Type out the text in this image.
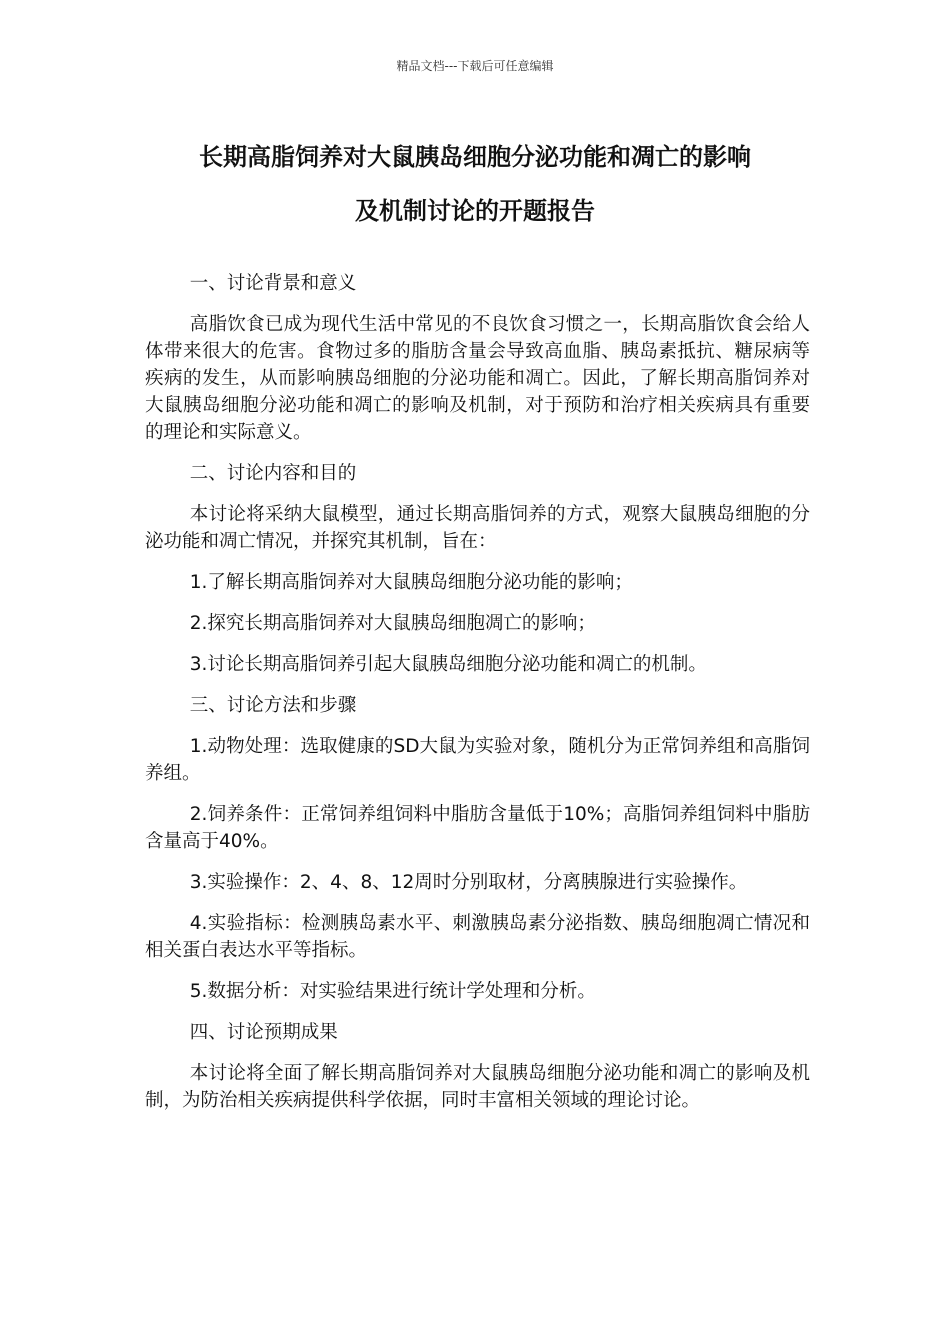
精品文档---下载后可任意编辑
长期高脂饲养对大鼠胰岛细胞分泌功能和凋亡的影响
及机制讨论的开题报告

一、讨论背景和意义

高脂饮食已成为现代生活中常见的不良饮食习惯之一，长期高脂饮食会给人体带来很大的危害。食物过多的脂肪含量会导致高血脂、胰岛素抵抗、糖尿病等疾病的发生，从而影响胰岛细胞的分泌功能和凋亡。因此，了解长期高脂饲养对大鼠胰岛细胞分泌功能和凋亡的影响及机制，对于预防和治疗相关疾病具有重要的理论和实际意义。

二、讨论内容和目的

本讨论将采纳大鼠模型，通过长期高脂饲养的方式，观察大鼠胰岛细胞的分泌功能和凋亡情况，并探究其机制，旨在：

1.了解长期高脂饲养对大鼠胰岛细胞分泌功能的影响；

2.探究长期高脂饲养对大鼠胰岛细胞凋亡的影响；

3.讨论长期高脂饲养引起大鼠胰岛细胞分泌功能和凋亡的机制。

三、讨论方法和步骤

1.动物处理：选取健康的SD大鼠为实验对象，随机分为正常饲养组和高脂饲养组。

2.饲养条件：正常饲养组饲料中脂肪含量低于10%；高脂饲养组饲料中脂肪含量高于40%。

3.实验操作：2、4、8、12周时分别取材，分离胰腺进行实验操作。

4.实验指标：检测胰岛素水平、刺激胰岛素分泌指数、胰岛细胞凋亡情况和相关蛋白表达水平等指标。

5.数据分析：对实验结果进行统计学处理和分析。

四、讨论预期成果

本讨论将全面了解长期高脂饲养对大鼠胰岛细胞分泌功能和凋亡的影响及机制，为防治相关疾病提供科学依据，同时丰富相关领域的理论讨论。
